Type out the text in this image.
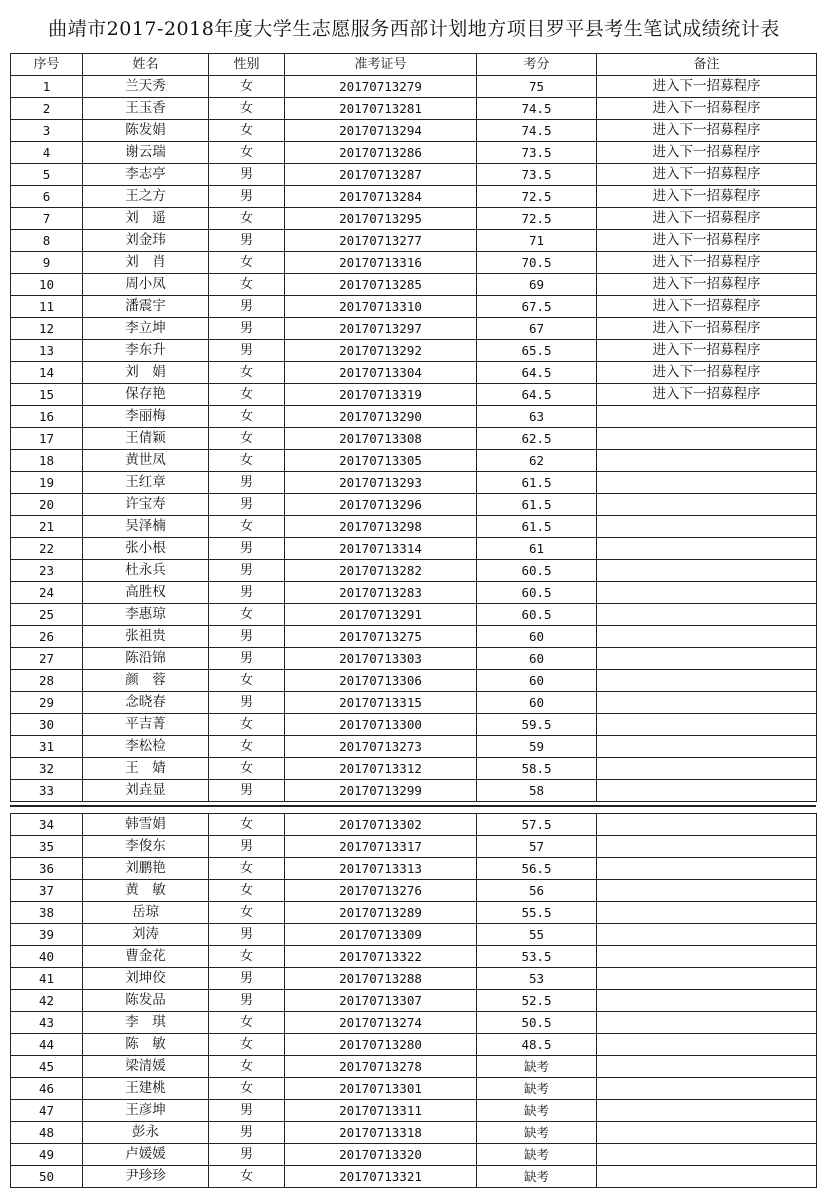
曲靖市2017-2018年度大学生志愿服务西部计划地方项目罗平县考生笔试成绩统计表
序号	姓名	性别	准考证号	考分	备注
1	兰天秀	女	20170713279	75	进入下一招募程序
2	王玉香	女	20170713281	74.5	进入下一招募程序
3	陈发娟	女	20170713294	74.5	进入下一招募程序
4	谢云瑞	女	20170713286	73.5	进入下一招募程序
5	李志亭	男	20170713287	73.5	进入下一招募程序
6	王之方	男	20170713284	72.5	进入下一招募程序
7	刘　遥	女	20170713295	72.5	进入下一招募程序
8	刘金玮	男	20170713277	71	进入下一招募程序
9	刘　肖	女	20170713316	70.5	进入下一招募程序
10	周小凤	女	20170713285	69	进入下一招募程序
11	潘震宇	男	20170713310	67.5	进入下一招募程序
12	李立坤	男	20170713297	67	进入下一招募程序
13	李东升	男	20170713292	65.5	进入下一招募程序
14	刘　娟	女	20170713304	64.5	进入下一招募程序
15	保存艳	女	20170713319	64.5	进入下一招募程序
16	李丽梅	女	20170713290	63	
17	王倩颖	女	20170713308	62.5	
18	黄世凤	女	20170713305	62	
19	王红章	男	20170713293	61.5	
20	许宝寿	男	20170713296	61.5	
21	吴泽楠	女	20170713298	61.5	
22	张小根	男	20170713314	61	
23	杜永兵	男	20170713282	60.5	
24	高胜权	男	20170713283	60.5	
25	李惠琼	女	20170713291	60.5	
26	张祖贵	男	20170713275	60	
27	陈沿锦	男	20170713303	60	
28	颜　蓉	女	20170713306	60	
29	念晓春	男	20170713315	60	
30	平吉菁	女	20170713300	59.5	
31	李松检	女	20170713273	59	
32	王　婧	女	20170713312	58.5	
33	刘垚显	男	20170713299	58	
34	韩雪娟	女	20170713302	57.5	
35	李俊东	男	20170713317	57	
36	刘鹏艳	女	20170713313	56.5	
37	黄　敏	女	20170713276	56	
38	岳琼	女	20170713289	55.5	
39	刘涛	男	20170713309	55	
40	曹金花	女	20170713322	53.5	
41	刘坤佼	男	20170713288	53	
42	陈发品	男	20170713307	52.5	
43	李　琪	女	20170713274	50.5	
44	陈　敏	女	20170713280	48.5	
45	梁清媛	女	20170713278	缺考	
46	王建桃	女	20170713301	缺考	
47	王彦坤	男	20170713311	缺考	
48	彭永	男	20170713318	缺考	
49	卢媛媛	男	20170713320	缺考	
50	尹珍珍	女	20170713321	缺考	
